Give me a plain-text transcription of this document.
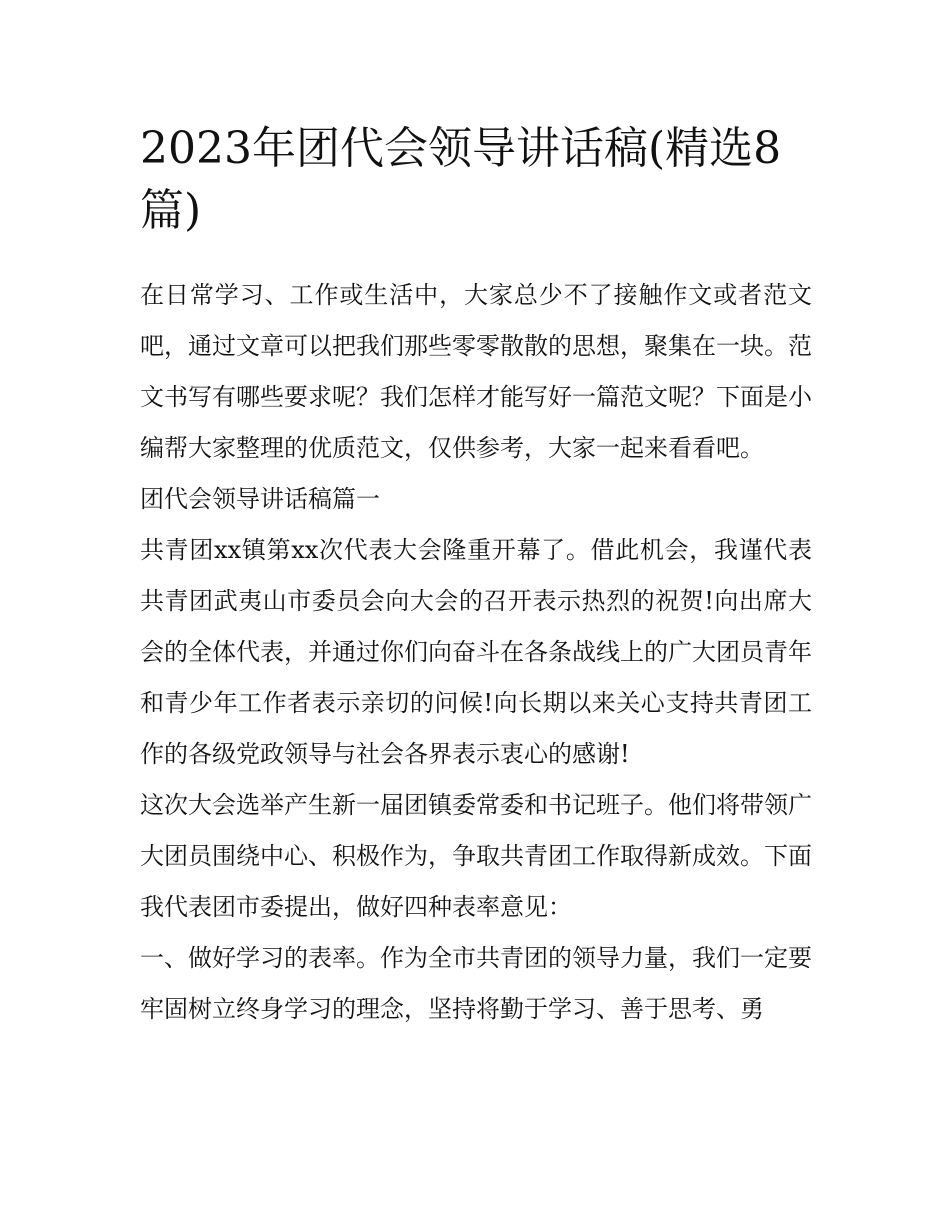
2023年团代会领导讲话稿(精选8篇)

在日常学习、工作或生活中，大家总少不了接触作文或者范文吧，通过文章可以把我们那些零零散散的思想，聚集在一块。范文书写有哪些要求呢？我们怎样才能写好一篇范文呢？下面是小编帮大家整理的优质范文，仅供参考，大家一起来看看吧。

团代会领导讲话稿篇一

共青团xx镇第xx次代表大会隆重开幕了。借此机会，我谨代表共青团武夷山市委员会向大会的召开表示热烈的祝贺!向出席大会的全体代表，并通过你们向奋斗在各条战线上的广大团员青年和青少年工作者表示亲切的问候!向长期以来关心支持共青团工作的各级党政领导与社会各界表示衷心的感谢!

这次大会选举产生新一届团镇委常委和书记班子。他们将带领广大团员围绕中心、积极作为，争取共青团工作取得新成效。下面我代表团市委提出，做好四种表率意见：

一、做好学习的表率。作为全市共青团的领导力量，我们一定要牢固树立终身学习的理念，坚持将勤于学习、善于思考、勇
